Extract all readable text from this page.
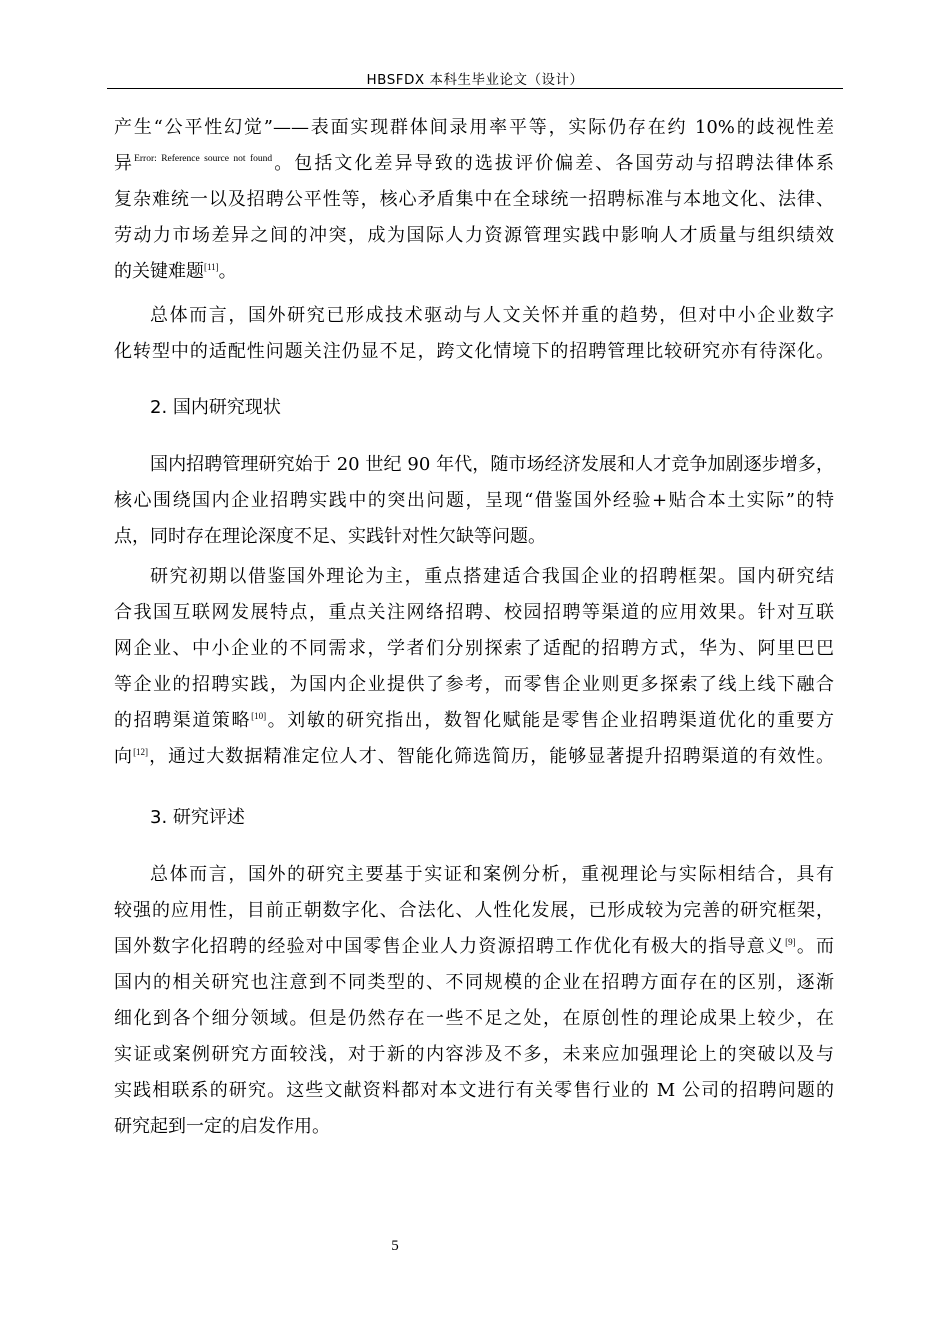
HBSFDX 本科生毕业论文（设计）
产生“公平性幻觉”——表面实现群体间录用率平等，实际仍存在约 10%的歧视性差
异$^{Error: Reference source not found}$。包括文化差异导致的选拔评价偏差、各国劳动与招聘法律体系
复杂难统一以及招聘公平性等，核心矛盾集中在全球统一招聘标准与本地文化、法律、
劳动力市场差异之间的冲突，成为国际人力资源管理实践中影响人才质量与组织绩效
的关键难题[11]。
总体而言，国外研究已形成技术驱动与人文关怀并重的趋势，但对中小企业数字
化转型中的适配性问题关注仍显不足，跨文化情境下的招聘管理比较研究亦有待深化。
2. 国内研究现状
国内招聘管理研究始于 20 世纪 90 年代，随市场经济发展和人才竞争加剧逐步增多，
核心围绕国内企业招聘实践中的突出问题，呈现“借鉴国外经验+贴合本土实际”的特
点，同时存在理论深度不足、实践针对性欠缺等问题。
研究初期以借鉴国外理论为主，重点搭建适合我国企业的招聘框架。国内研究结
合我国互联网发展特点，重点关注网络招聘、校园招聘等渠道的应用效果。针对互联
网企业、中小企业的不同需求，学者们分别探索了适配的招聘方式，华为、阿里巴巴
等企业的招聘实践，为国内企业提供了参考，而零售企业则更多探索了线上线下融合
的招聘渠道策略[10]。刘敏的研究指出，数智化赋能是零售企业招聘渠道优化的重要方
向[12]，通过大数据精准定位人才、智能化筛选简历，能够显著提升招聘渠道的有效性。
3. 研究评述
总体而言，国外的研究主要基于实证和案例分析，重视理论与实际相结合，具有
较强的应用性，目前正朝数字化、合法化、人性化发展，已形成较为完善的研究框架，
国外数字化招聘的经验对中国零售企业人力资源招聘工作优化有极大的指导意义[9]。而
国内的相关研究也注意到不同类型的、不同规模的企业在招聘方面存在的区别，逐渐
细化到各个细分领域。但是仍然存在一些不足之处，在原创性的理论成果上较少，在
实证或案例研究方面较浅，对于新的内容涉及不多，未来应加强理论上的突破以及与
实践相联系的研究。这些文献资料都对本文进行有关零售行业的 M 公司的招聘问题的
研究起到一定的启发作用。
5
